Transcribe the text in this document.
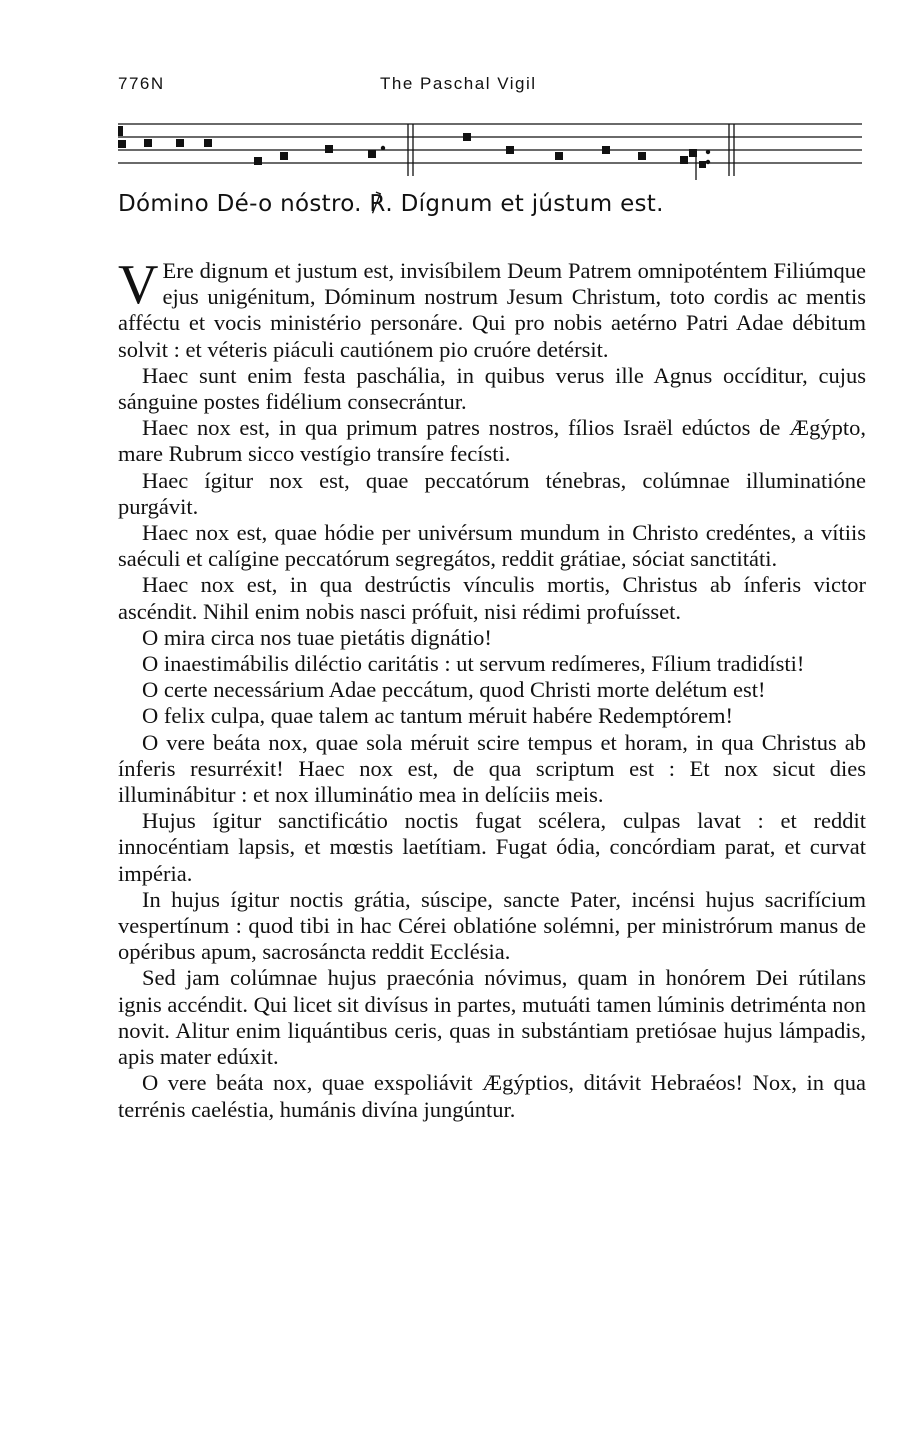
776N	The Paschal Vigil
Dómino Dé-o nóstro. ℟. Dígnum et jústum est.

V Ere dignum et justum est, invisíbilem Deum Patrem omnipoténtem Filiúmque ejus unigénitum, Dóminum nostrum Jesum Christum, toto cordis ac mentis afféctu et vocis ministério personáre. Qui pro nobis aetérno Patri Adae débitum solvit : et véteris piáculi cautiónem pio cruóre detérsit.

Haec sunt enim festa paschália, in quibus verus ille Agnus occíditur, cujus sánguine postes fidélium consecrántur.

Haec nox est, in qua primum patres nostros, fílios Israël edúctos de Ægýpto, mare Rubrum sicco vestígio transíre fecísti.

Haec ígitur nox est, quae peccatórum ténebras, colúmnae illuminatióne purgávit.

Haec nox est, quae hódie per univérsum mundum in Christo credéntes, a vítiis saéculi et calígine peccatórum segregátos, reddit grátiae, sóciat sanctitáti.

Haec nox est, in qua destrúctis vínculis mortis, Christus ab ínferis victor ascéndit. Nihil enim nobis nasci prófuit, nisi rédimi profuísset.

O mira circa nos tuae pietátis dignátio!

O inaestimábilis diléctio caritátis : ut servum redímeres, Fílium tradidísti!

O certe necessárium Adae peccátum, quod Christi morte delétum est!

O felix culpa, quae talem ac tantum méruit habére Redemptórem!

O vere beáta nox, quae sola méruit scire tempus et horam, in qua Christus ab ínferis resurréxit! Haec nox est, de qua scriptum est : Et nox sicut dies illuminábitur : et nox illuminátio mea in delíciis meis.

Hujus ígitur sanctificátio noctis fugat scélera, culpas lavat : et reddit innocéntiam lapsis, et mœstis laetítiam. Fugat ódia, concórdiam parat, et curvat impéria.

In hujus ígitur noctis grátia, súscipe, sancte Pater, incénsi hujus sacrifícium vespertínum : quod tibi in hac Cérei oblatióne solémni, per ministrórum manus de opéribus apum, sacrosáncta reddit Ecclésia.

Sed jam colúmnae hujus praecónia nóvimus, quam in honórem Dei rútilans ignis accéndit. Qui licet sit divísus in partes, mutuáti tamen lúminis detriménta non novit. Alitur enim liquántibus ceris, quas in substántiam pretiósae hujus lámpadis, apis mater edúxit.

O vere beáta nox, quae exspoliávit Ægýptios, ditávit Hebraéos! Nox, in qua terrénis caeléstia, humánis divína jungúntur.
